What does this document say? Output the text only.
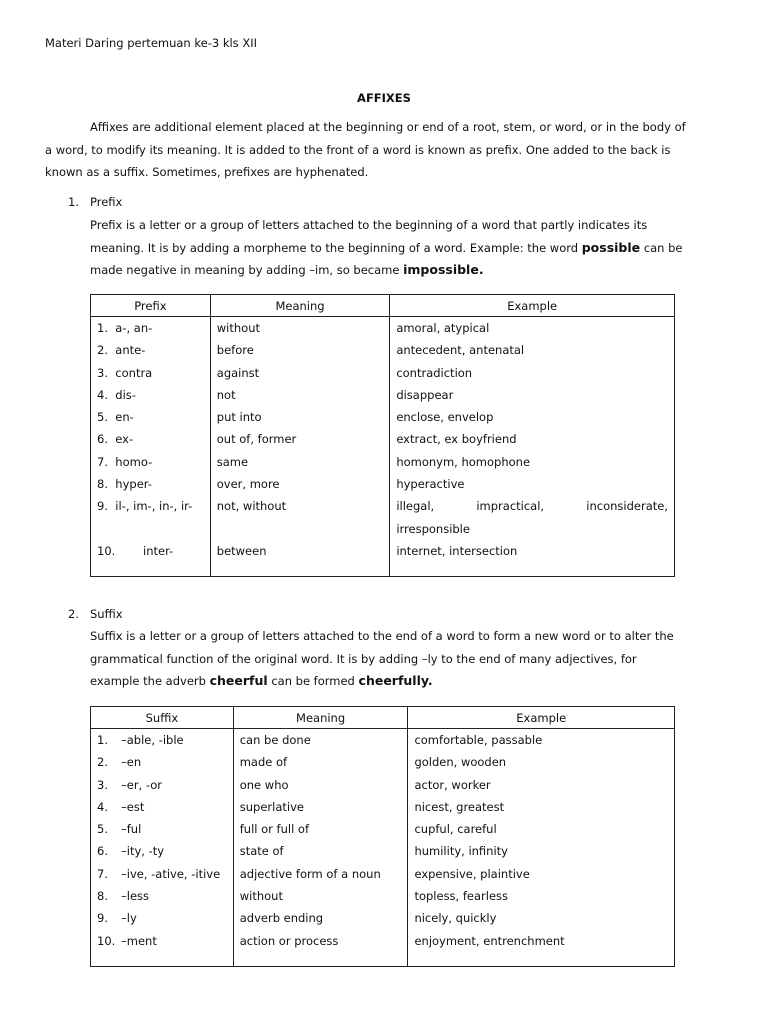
Materi Daring pertemuan ke-3 kls XII
AFFIXES
Affixes are additional element placed at the beginning or end of a root, stem, or word, or in the body of
a word, to modify its meaning. It is added to the front of a word is known as prefix. One added to the back is
known as a suffix. Sometimes, prefixes are hyphenated.
1. Prefix
Prefix is a letter or a group of letters attached to the beginning of a word that partly indicates its
meaning. It is by adding a morpheme to the beginning of a word. Example: the word possible can be
made negative in meaning by adding –im, so became impossible.
Prefix	Meaning	Example
1. a-, an-	without	amoral, atypical
2. ante-	before	antecedent, antenatal
3. contra	against	contradiction
4. dis-	not	disappear
5. en-	put into	enclose, envelop
6. ex-	out of, former	extract, ex boyfriend
7. homo-	same	homonym, homophone
8. hyper-	over, more	hyperactive
9. il-, im-, in-, ir-	not, without	illegal, impractical, inconsiderate,
irresponsible

10. inter-	between	internet, intersection
2. Suffix
Suffix is a letter or a group of letters attached to the end of a word to form a new word or to alter the
grammatical function of the original word. It is by adding –ly to the end of many adjectives, for
example the adverb cheerful can be formed cheerfully.
Suffix	Meaning	Example
1. –able, -ible	can be done	comfortable, passable
2. –en	made of	golden, wooden
3. –er, -or	one who	actor, worker
4. –est	superlative	nicest, greatest
5. –ful	full or full of	cupful, careful
6. –ity, -ty	state of	humility, infinity
7. –ive, -ative, -itive	adjective form of a noun	expensive, plaintive
8. –less	without	topless, fearless
9. –ly	adverb ending	nicely, quickly
10. –ment	action or process	enjoyment, entrenchment
